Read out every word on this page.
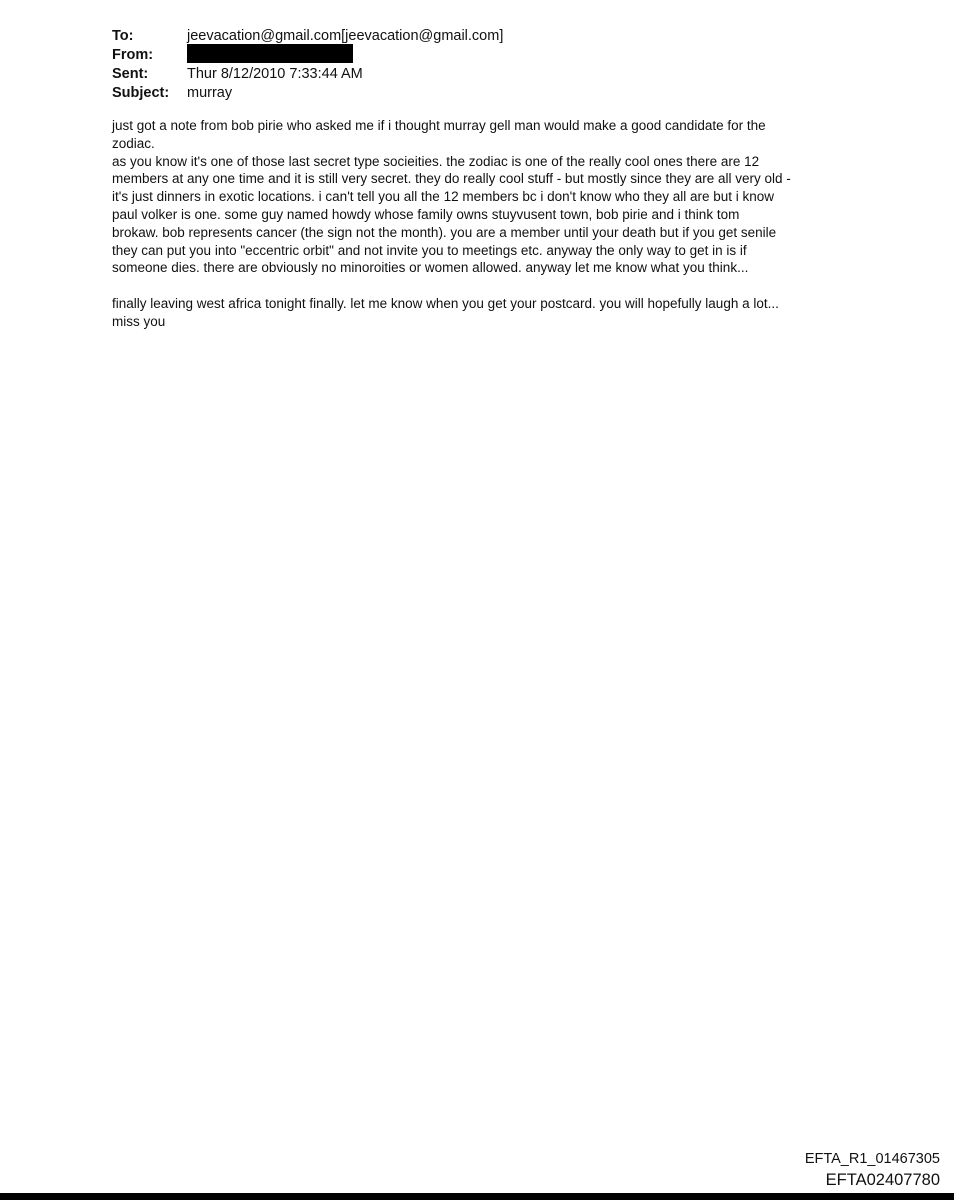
To:	jeevacation@gmail.com[jeevacation@gmail.com]
From:
Sent:	Thur 8/12/2010 7:33:44 AM
Subject:	murray

just got a note from bob pirie who asked me if i thought murray gell man would make a good candidate for the
zodiac.
as you know it's one of those last secret type socieities. the zodiac is one of the really cool ones there are 12
members at any one time and it is still very secret. they do really cool stuff - but mostly since they are all very old -
it's just dinners in exotic locations. i can't tell you all the 12 members bc i don't know who they all are but i know
paul volker is one. some guy named howdy whose family owns stuyvusent town, bob pirie and i think tom
brokaw. bob represents cancer (the sign not the month). you are a member until your death but if you get senile
they can put you into "eccentric orbit" and not invite you to meetings etc. anyway the only way to get in is if
someone dies. there are obviously no minoroities or women allowed. anyway let me know what you think...

finally leaving west africa tonight finally. let me know when you get your postcard. you will hopefully laugh a lot...
miss you

EFTA_R1_01467305
EFTA02407780
